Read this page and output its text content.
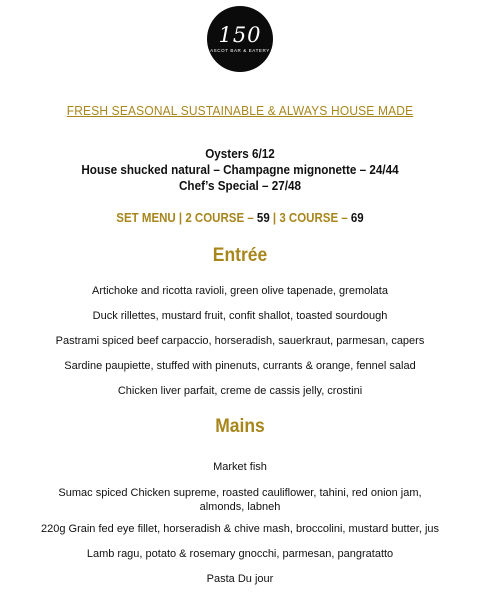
150
ASCOT BAR & EATERY
FRESH SEASONAL SUSTAINABLE & ALWAYS HOUSE MADE
Oysters 6/12
House shucked natural – Champagne mignonette – 24/44
Chef’s Special – 27/48
SET MENU | 2 COURSE – 59 | 3 COURSE – 69
Entrée
Artichoke and ricotta ravioli, green olive tapenade, gremolata
Duck rillettes, mustard fruit, confit shallot, toasted sourdough
Pastrami spiced beef carpaccio, horseradish, sauerkraut, parmesan, capers
Sardine paupiette, stuffed with pinenuts, currants & orange, fennel salad
Chicken liver parfait, creme de cassis jelly, crostini
Mains
Market fish
Sumac spiced Chicken supreme, roasted cauliflower, tahini, red onion jam,
almonds, labneh
220g Grain fed eye fillet, horseradish & chive mash, broccolini, mustard butter, jus
Lamb ragu, potato & rosemary gnocchi, parmesan, pangratatto
Pasta Du jour
